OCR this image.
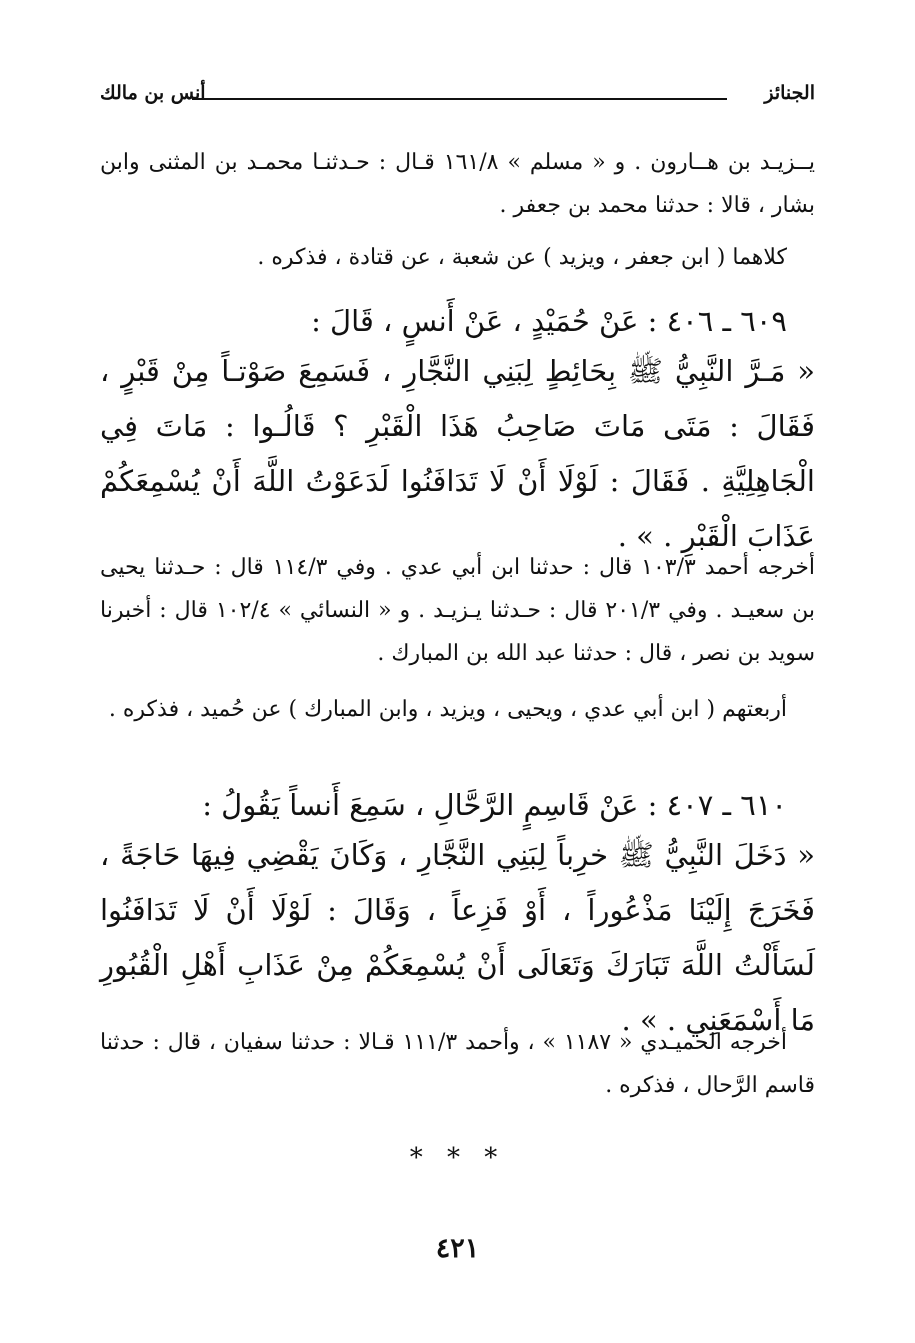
الجنائز
أنس بن مالك

يــزيـد بن هــارون . و « مسلم » ١٦١/٨ قـال : حـدثنـا محمـد بن المثنى وابن بشار ، قالا : حدثنا محمد بن جعفر .

كلاهما ( ابن جعفر ، ويزيد ) عن شعبة ، عن قتادة ، فذكره .

٦٠٩ ـ ٤٠٦ : عَنْ حُمَيْدٍ ، عَنْ أَنسٍ ، قَالَ :

« مَـرَّ النَّبِيُّ ﷺ بِحَائِطٍ لِبَنِي النَّجَّارِ ، فَسَمِعَ صَوْتـاً مِنْ قَبْرٍ ، فَقَالَ : مَتَى مَاتَ صَاحِبُ هَذَا الْقَبْرِ ؟ قَالُـوا : مَاتَ فِي الْجَاهِلِيَّةِ . فَقَالَ : لَوْلَا أَنْ لَا تَدَافَنُوا لَدَعَوْتُ اللَّهَ أَنْ يُسْمِعَكُمْ عَذَابَ الْقَبْرِ . » .

أخرجه أحمد ١٠٣/٣ قال : حدثنا ابن أبي عدي . وفي ١١٤/٣ قال : حـدثنا يحيى بن سعيـد . وفي ٢٠١/٣ قال : حـدثنا يـزيـد . و « النسائي » ١٠٢/٤ قال : أخبرنا سويد بن نصر ، قال : حدثنا عبد الله بن المبارك .

أربعتهم ( ابن أبي عدي ، ويحيى ، ويزيد ، وابن المبارك ) عن حُميد ، فذكره .

٦١٠ ـ ٤٠٧ : عَنْ قَاسِمٍ الرَّحَّالِ ، سَمِعَ أَنساً يَقُولُ :

« دَخَلَ النَّبِيُّ ﷺ خرِباً لِبَنِي النَّجَّارِ ، وَكَانَ يَقْضِي فِيهَا حَاجَةً ، فَخَرَجَ إِلَيْنَا مَذْعُوراً ، أَوْ فَزِعاً ، وَقَالَ : لَوْلَا أَنْ لَا تَدَافَنُوا لَسَأَلْتُ اللَّهَ تَبَارَكَ وَتَعَالَى أَنْ يُسْمِعَكُمْ مِنْ عَذَابِ أَهْلِ الْقُبُورِ مَا أَسْمَعَنِي . » .

أخرجه الحميـدي « ١١٨٧ » ، وأحمد ١١١/٣ قـالا : حدثنا سفيان ، قال : حدثنا قاسم الرَّحال ، فذكره .

* * *
٤٢١
